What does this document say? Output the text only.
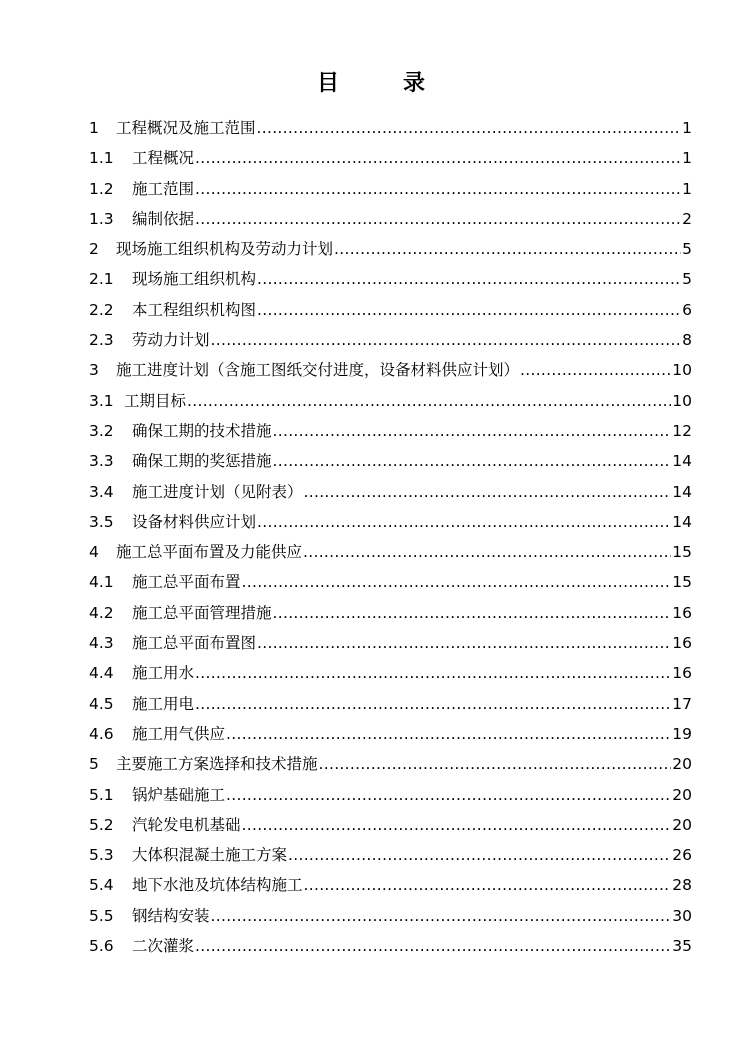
目	录
1	工程概况及施工范围 .....	1
1.1	工程概况 .....	1
1.2	施工范围 .....	1
1.3	编制依据 .....	2
2	现场施工组织机构及劳动力计划 .....	5
2.1	现场施工组织机构 .....	5
2.2	本工程组织机构图 .....	6
2.3	劳动力计划 .....	8
3	施工进度计划（含施工图纸交付进度，设备材料供应计划） .....	10
3.1 工期目标 .....	10
3.2	确保工期的技术措施 .....	12
3.3	确保工期的奖惩措施 .....	14
3.4	施工进度计划（见附表） .....	14
3.5	设备材料供应计划 .....	14
4	施工总平面布置及力能供应 .....	15
4.1	施工总平面布置 .....	15
4.2	施工总平面管理措施 .....	16
4.3	施工总平面布置图 .....	16
4.4	施工用水 .....	16
4.5	施工用电 .....	17
4.6	施工用气供应 .....	19
5	主要施工方案选择和技术措施 .....	20
5.1	锅炉基础施工 .....	20
5.2	汽轮发电机基础 .....	20
5.3	大体积混凝土施工方案 .....	26
5.4	地下水池及坑体结构施工 .....	28
5.5	钢结构安装 .....	30
5.6	二次灌浆 .....	35
